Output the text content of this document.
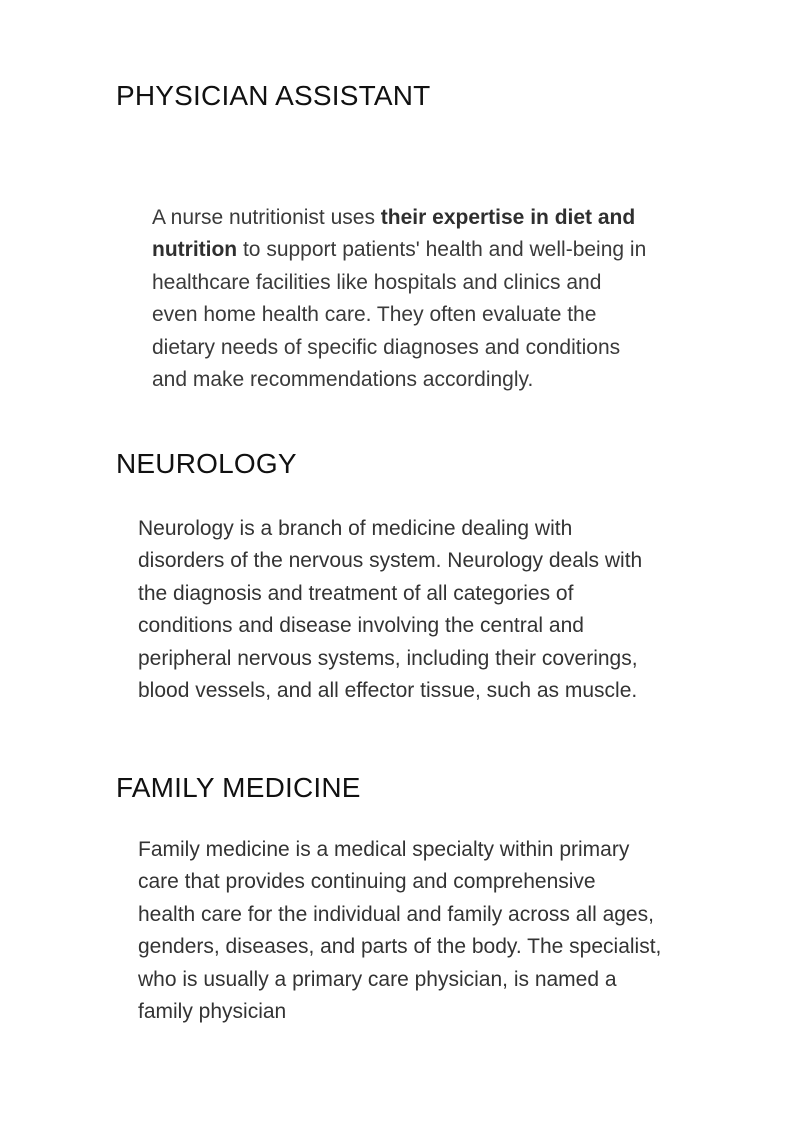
PHYSICIAN ASSISTANT

A nurse nutritionist uses their expertise in diet and
nutrition to support patients' health and well-being in
healthcare facilities like hospitals and clinics and
even home health care. They often evaluate the
dietary needs of specific diagnoses and conditions
and make recommendations accordingly.

NEUROLOGY

Neurology is a branch of medicine dealing with
disorders of the nervous system. Neurology deals with
the diagnosis and treatment of all categories of
conditions and disease involving the central and
peripheral nervous systems, including their coverings,
blood vessels, and all effector tissue, such as muscle.

FAMILY MEDICINE

Family medicine is a medical specialty within primary
care that provides continuing and comprehensive
health care for the individual and family across all ages,
genders, diseases, and parts of the body. The specialist,
who is usually a primary care physician, is named a
family physician
